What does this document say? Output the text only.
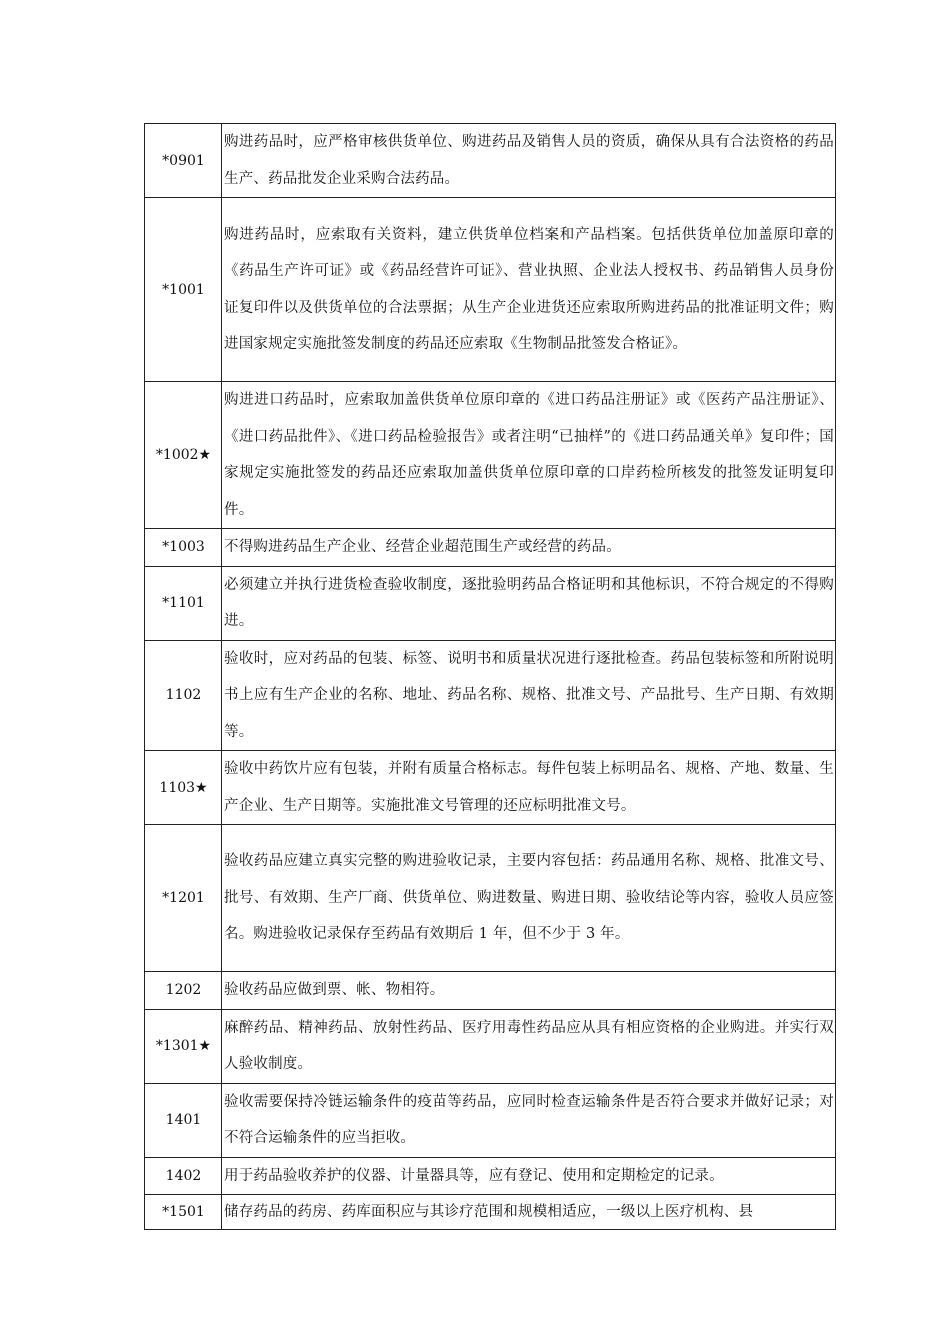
*0901	购进药品时，应严格审核供货单位、购进药品及销售人员的资质，确保从具有合法资格的药品生产、药品批发企业采购合法药品。
*1001	购进药品时，应索取有关资料，建立供货单位档案和产品档案。包括供货单位加盖原印章的《药品生产许可证》或《药品经营许可证》、营业执照、企业法人授权书、药品销售人员身份证复印件以及供货单位的合法票据；从生产企业进货还应索取所购进药品的批准证明文件；购进国家规定实施批签发制度的药品还应索取《生物制品批签发合格证》。
*1002★	购进进口药品时，应索取加盖供货单位原印章的《进口药品注册证》或《医药产品注册证》、《进口药品批件》、《进口药品检验报告》或者注明“已抽样”的《进口药品通关单》复印件；国家规定实施批签发的药品还应索取加盖供货单位原印章的口岸药检所核发的批签发证明复印件。
*1003	不得购进药品生产企业、经营企业超范围生产或经营的药品。
*1101	必须建立并执行进货检查验收制度，逐批验明药品合格证明和其他标识，不符合规定的不得购进。
1102	验收时，应对药品的包装、标签、说明书和质量状况进行逐批检查。药品包装标签和所附说明书上应有生产企业的名称、地址、药品名称、规格、批准文号、产品批号、生产日期、有效期等。
1103★	验收中药饮片应有包装，并附有质量合格标志。每件包装上标明品名、规格、产地、数量、生产企业、生产日期等。实施批准文号管理的还应标明批准文号。
*1201	验收药品应建立真实完整的购进验收记录，主要内容包括：药品通用名称、规格、批准文号、批号、有效期、生产厂商、供货单位、购进数量、购进日期、验收结论等内容，验收人员应签名。购进验收记录保存至药品有效期后 1 年，但不少于 3 年。
1202	验收药品应做到票、帐、物相符。
*1301★	麻醉药品、精神药品、放射性药品、医疗用毒性药品应从具有相应资格的企业购进。并实行双人验收制度。
1401	验收需要保持冷链运输条件的疫苗等药品，应同时检查运输条件是否符合要求并做好记录；对不符合运输条件的应当拒收。
1402	用于药品验收养护的仪器、计量器具等，应有登记、使用和定期检定的记录。
*1501	储存药品的药房、药库面积应与其诊疗范围和规模相适应，一级以上医疗机构、县
